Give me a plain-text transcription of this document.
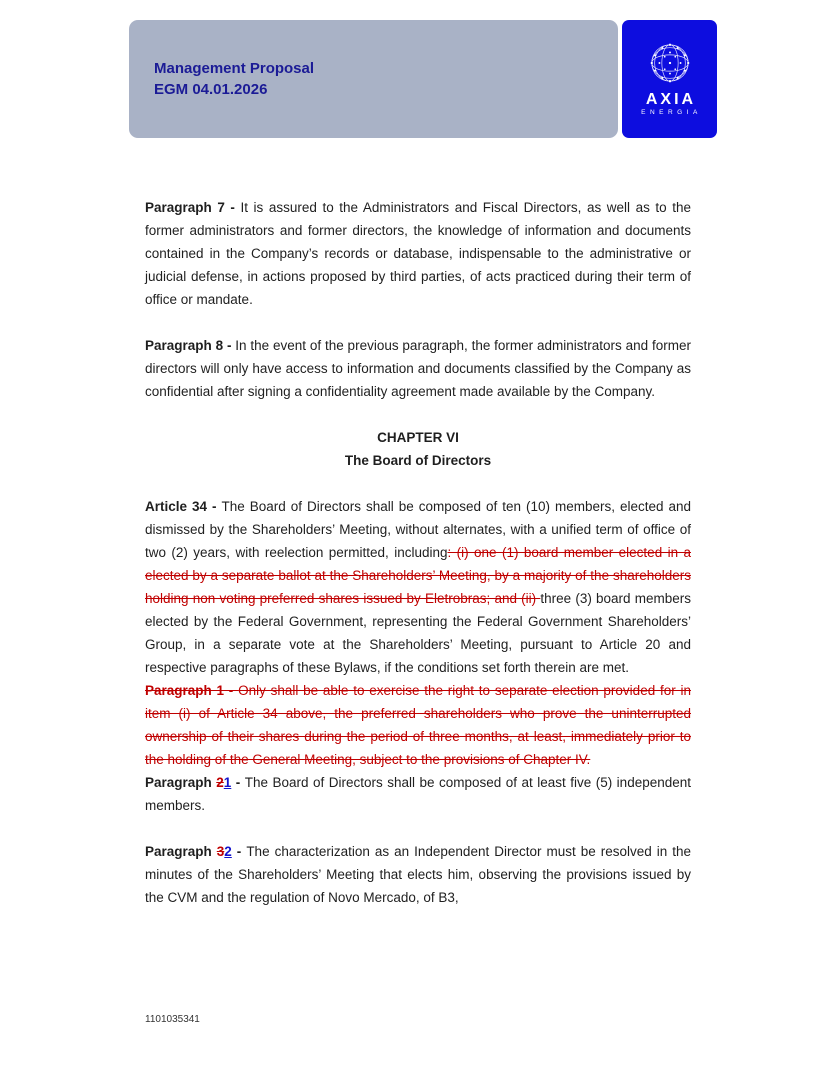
Management Proposal
EGM 04.01.2026
AXIA
ENERGIA

Paragraph 7 - It is assured to the Administrators and Fiscal Directors, as well as to the former administrators and former directors, the knowledge of information and documents contained in the Company’s records or database, indispensable to the administrative or judicial defense, in actions proposed by third parties, of acts practiced during their term of office or mandate.

Paragraph 8 - In the event of the previous paragraph, the former administrators and former directors will only have access to information and documents classified by the Company as confidential after signing a confidentiality agreement made available by the Company.

CHAPTER VI

The Board of Directors

Article 34 - The Board of Directors shall be composed of ten (10) members, elected and dismissed by the Shareholders’ Meeting, without alternates, with a unified term of office of two (2) years, with reelection permitted, including: (i) one (1) board member elected in a elected by a separate ballot at the Shareholders’ Meeting, by a majority of the shareholders holding non voting preferred shares issued by Eletrobras; and (ii) three (3) board members elected by the Federal Government, representing the Federal Government Shareholders’ Group, in a separate vote at the Shareholders’ Meeting, pursuant to Article 20 and respective paragraphs of these Bylaws, if the conditions set forth therein are met.

Paragraph 1 - Only shall be able to exercise the right to separate election provided for in item (i) of Article 34 above, the preferred shareholders who prove the uninterrupted ownership of their shares during the period of three months, at least, immediately prior to the holding of the General Meeting, subject to the provisions of Chapter IV.

Paragraph 21 - The Board of Directors shall be composed of at least five (5) independent members.

Paragraph 32 - The characterization as an Independent Director must be resolved in the minutes of the Shareholders’ Meeting that elects him, observing the provisions issued by the CVM and the regulation of Novo Mercado, of B3,

1101035341
